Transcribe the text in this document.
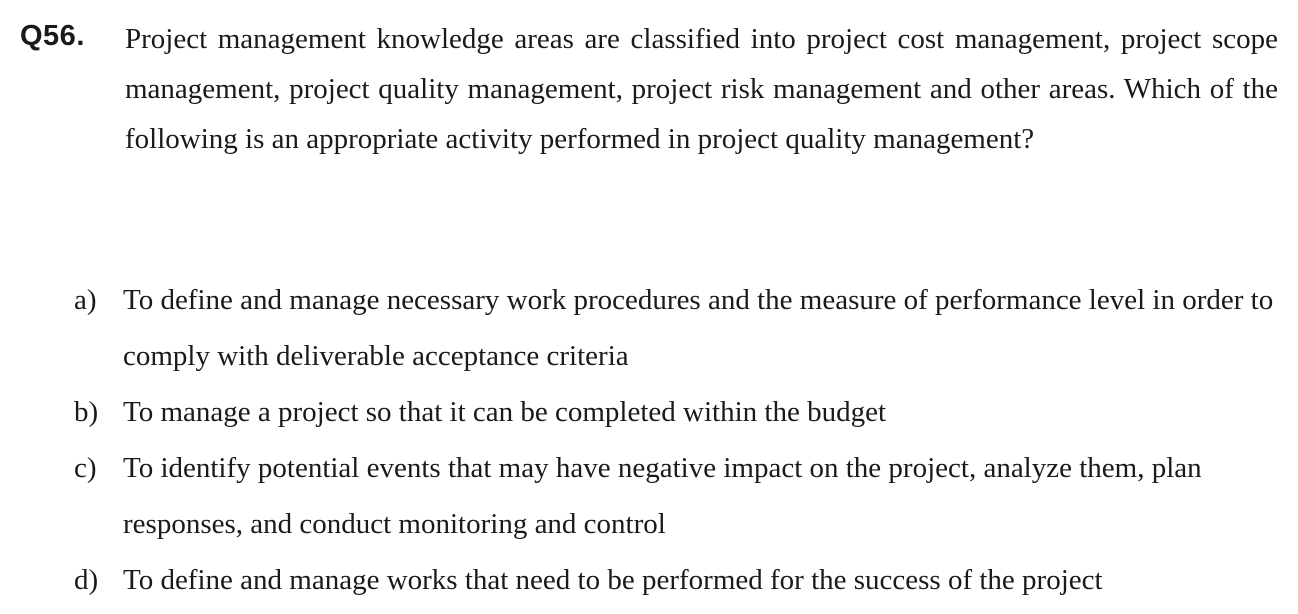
Q56. Project management knowledge areas are classified into project cost management, project scope management, project quality management, project risk management and other areas. Which of the following is an appropriate activity performed in project quality management?
a) To define and manage necessary work procedures and the measure of performance level in order to comply with deliverable acceptance criteria
b) To manage a project so that it can be completed within the budget
c) To identify potential events that may have negative impact on the project, analyze them, plan responses, and conduct monitoring and control
d) To define and manage works that need to be performed for the success of the project
